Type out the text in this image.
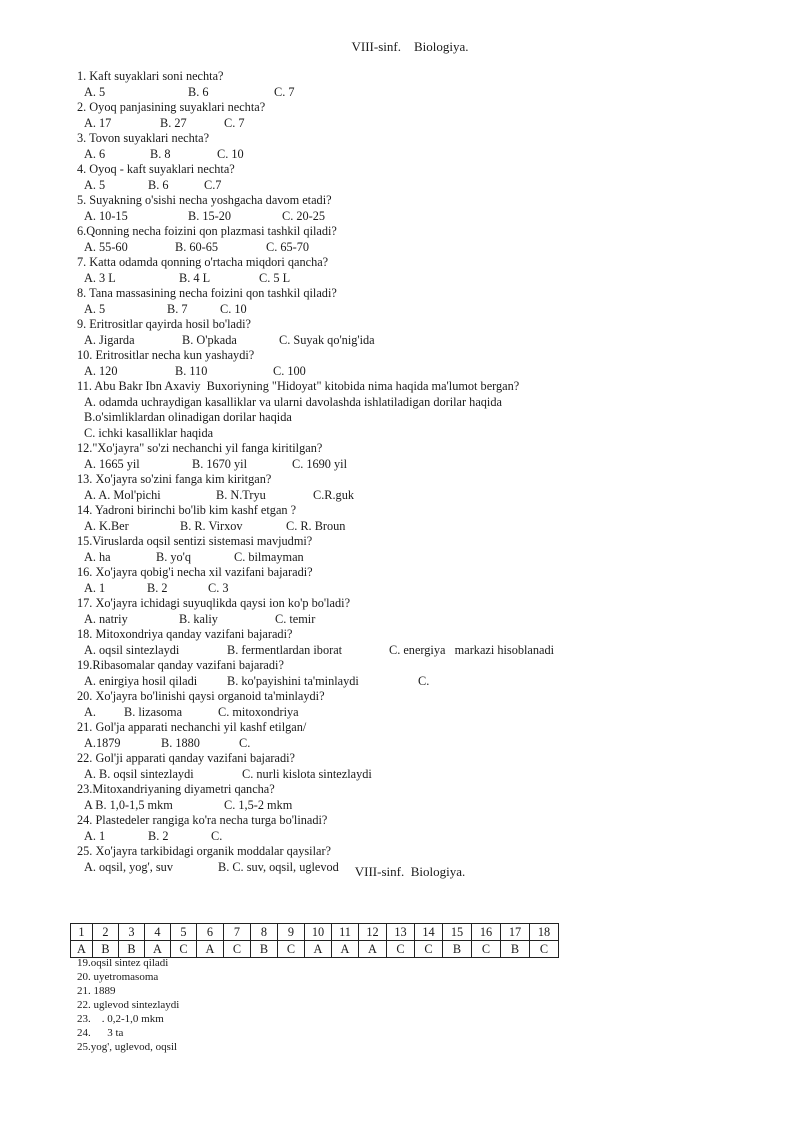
VIII-sinf.    Biologiya.
1. Kaft suyaklari soni nechta?
A. 5	B. 6	C. 7
2. Oyoq panjasining suyaklari nechta?
A. 17	B. 27	C. 7
3. Tovon suyaklari nechta?
A. 6	B. 8	C. 10
4. Oyoq - kaft suyaklari nechta?
A. 5	B. 6	C.7
5. Suyakning o'sishi necha yoshgacha davom etadi?
A. 10-15	B. 15-20	C. 20-25
6.Qonning necha foizini qon plazmasi tashkil qiladi?
A. 55-60	B. 60-65	C. 65-70
7. Katta odamda qonning o'rtacha miqdori qancha?
A. 3 L	B. 4 L	C. 5 L
8. Tana massasining necha foizini qon tashkil qiladi?
A. 5	B. 7	C. 10
9. Eritrositlar qayirda hosil bo'ladi?
A. Jigarda	B. O'pkada	C. Suyak qo'nig'ida
10. Eritrositlar necha kun yashaydi?
A. 120	B. 110	C. 100
11. Abu Bakr Ibn Axaviy  Buxoriyning "Hidoyat" kitobida nima haqida ma'lumot bergan?
A. odamda uchraydigan kasalliklar va ularni davolashda ishlatiladigan dorilar haqida
B.o'simliklardan olinadigan dorilar haqida
C. ichki kasalliklar haqida
12."Xo'jayra" so'zi nechanchi yil fanga kiritilgan?
A. 1665 yil	B. 1670 yil	C. 1690 yil
13. Xo'jayra so'zini fanga kim kiritgan?
A. A. Mol'pichi	B. N.Tryu	C.R.guk
14. Yadroni birinchi bo'lib kim kashf etgan ?
A. K.Ber	B. R. Virxov	C. R. Broun
15.Viruslarda oqsil sentizi sistemasi mavjudmi?
A. ha	B. yo'q	C. bilmayman
16. Xo'jayra qobig'i necha xil vazifani bajaradi?
A. 1	B. 2	C. 3
17. Xo'jayra ichidagi suyuqlikda qaysi ion ko'p bo'ladi?
A. natriy	B. kaliy	C. temir
18. Mitoxondriya qanday vazifani bajaradi?
A. oqsil sintezlaydi	B. fermentlardan iborat	C. energiya   markazi hisoblanadi
19.Ribasomalar qanday vazifani bajaradi?
A. enirgiya hosil qiladi	B. ko'payishini ta'minlaydi	C.
20. Xo'jayra bo'linishi qaysi organoid ta'minlaydi?
A.	B. lizasoma	C. mitoxondriya
21. Gol'ja apparati nechanchi yil kashf etilgan/
A.1879	B. 1880	C.
22. Gol'ji apparati qanday vazifani bajaradi?
A. B. oqsil sintezlaydi	C. nurli kislota sintezlaydi
23.Mitoxandriyaning diyametri qancha?
A B. 1,0-1,5 mkm	C. 1,5-2 mkm
24. Plastedeler rangiga ko'ra necha turga bo'linadi?
A. 1	B. 2	C.
25. Xo'jayra tarkibidagi organik moddalar qaysilar?
A. oqsil, yog', suv	B. C. suv, oqsil, uglevod	VIII-sinf.  Biologiya.
1	2	3	4	5	6	7	8	9	10	11	12	13	14	15	16	17	18
A	B	B	A	C	A	C	B	C	A	A	A	C	C	B	C	B	C
19.oqsil sintez qiladi
20. uyetromasoma
21. 1889
22. uglevod sintezlaydi
23.    . 0,2-1,0 mkm
24.      3 ta
25.yog', uglevod, oqsil
